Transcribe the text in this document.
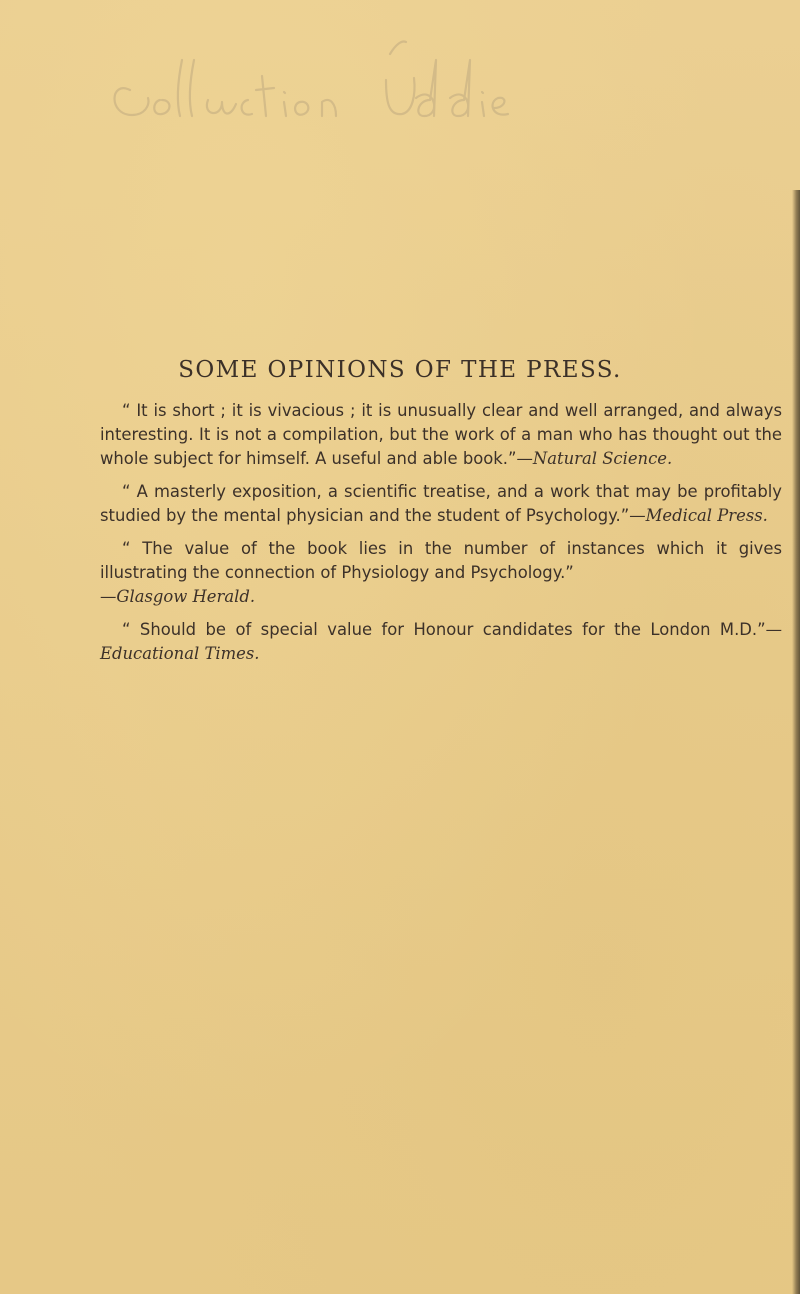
SOME OPINIONS OF THE PRESS.

“ It is short ; it is vivacious ; it is unusually clear and well arranged, and always interesting. It is not a compilation, but the work of a man who has thought out the whole subject for himself. A useful and able book.”—Natural Science.

“ A masterly exposition, a scientific treatise, and a work that may be profitably studied by the mental physician and the student of Psychology.”—Medical Press.

“ The value of the book lies in the number of instances which it gives illustrating the connection of Physiology and Psychology.”
—Glasgow Herald.

“ Should be of special value for Honour candidates for the London M.D.”—Educational Times.
